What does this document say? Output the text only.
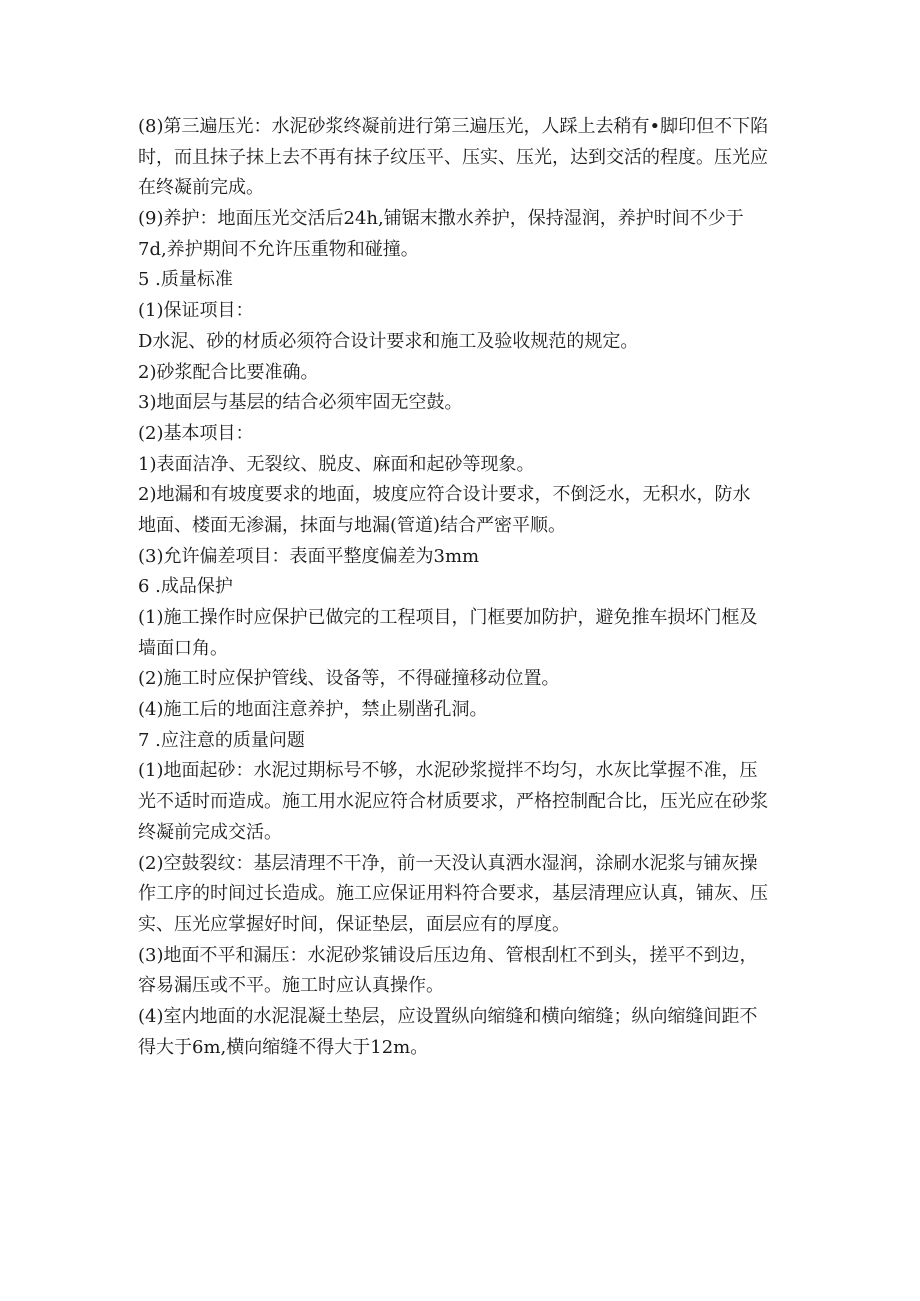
(8)第三遍压光：水泥砂浆终凝前进行第三遍压光，人踩上去稍有•脚印但不下陷
时，而且抹子抹上去不再有抹子纹压平、压实、压光，达到交活的程度。压光应
在终凝前完成。

(9)养护：地面压光交活后24h,铺锯末撒水养护，保持湿润，养护时间不少于
7d,养护期间不允许压重物和碰撞。

5 .质量标准

(1)保证项目：

D水泥、砂的材质必须符合设计要求和施工及验收规范的规定。

2)砂浆配合比要准确。

3)地面层与基层的结合必须牢固无空鼓。

(2)基本项目：

1)表面洁净、无裂纹、脱皮、麻面和起砂等现象。

2)地漏和有坡度要求的地面，坡度应符合设计要求，不倒泛水，无积水，防水
地面、楼面无渗漏，抹面与地漏(管道)结合严密平顺。

(3)允许偏差项目：表面平整度偏差为3mm

6 .成品保护

(1)施工操作时应保护已做完的工程项目，门框要加防护，避免推车损坏门框及
墙面口角。

(2)施工时应保护管线、设备等，不得碰撞移动位置。

(4)施工后的地面注意养护，禁止剔凿孔洞。

7 .应注意的质量问题

(1)地面起砂：水泥过期标号不够，水泥砂浆搅拌不均匀，水灰比掌握不准，压
光不适时而造成。施工用水泥应符合材质要求，严格控制配合比，压光应在砂浆
终凝前完成交活。

(2)空鼓裂纹：基层清理不干净，前一天没认真洒水湿润，涂刷水泥浆与铺灰操
作工序的时间过长造成。施工应保证用料符合要求，基层清理应认真，铺灰、压
实、压光应掌握好时间，保证垫层，面层应有的厚度。

(3)地面不平和漏压：水泥砂浆铺设后压边角、管根刮杠不到头，搓平不到边，
容易漏压或不平。施工时应认真操作。

(4)室内地面的水泥混凝土垫层，应设置纵向缩缝和横向缩缝；纵向缩缝间距不
得大于6m,横向缩缝不得大于12m。
